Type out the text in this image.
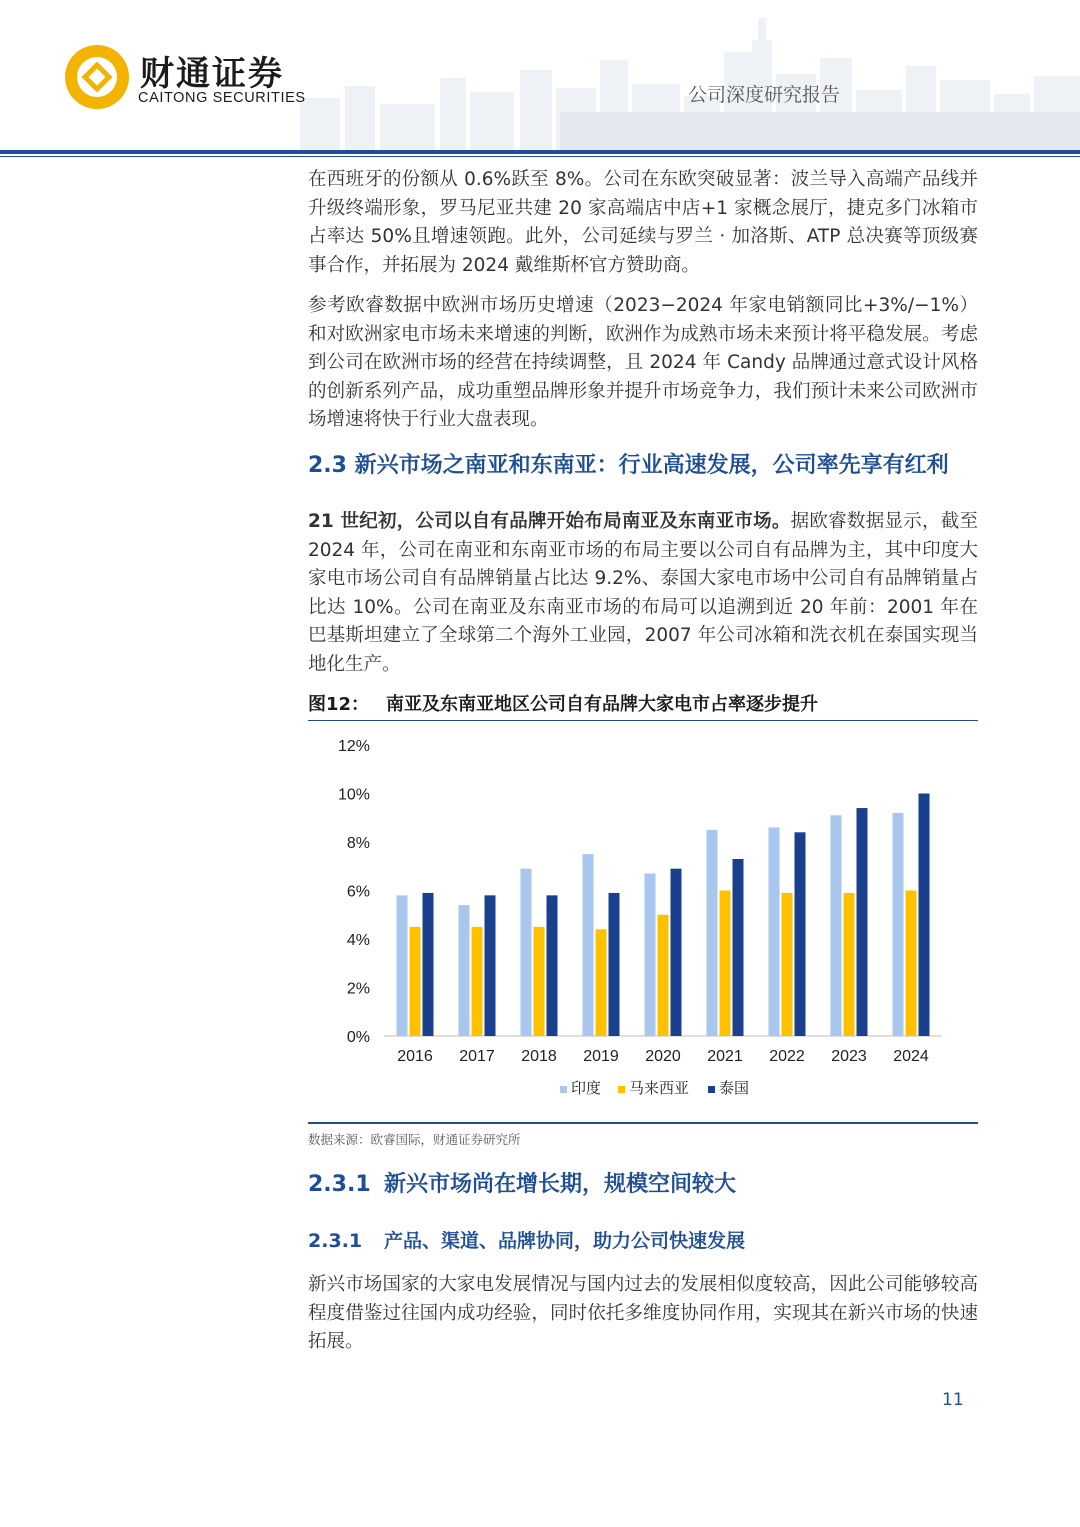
财通证券
CAITONG SECURITIES	公司深度研究报告

在西班牙的份额从 0.6%跃至 8%。公司在东欧突破显著：波兰导入高端产品线并升级终端形象，罗马尼亚共建 20 家高端店中店+1 家概念展厅，捷克多门冰箱市占率达 50%且增速领跑。此外，公司延续与罗兰 · 加洛斯、ATP 总决赛等顶级赛事合作，并拓展为 2024 戴维斯杯官方赞助商。

参考欧睿数据中欧洲市场历史增速（2023−2024 年家电销额同比+3%/−1%）和对欧洲家电市场未来增速的判断，欧洲作为成熟市场未来预计将平稳发展。考虑到公司在欧洲市场的经营在持续调整，且 2024 年 Candy 品牌通过意式设计风格的创新系列产品，成功重塑品牌形象并提升市场竞争力，我们预计未来公司欧洲市场增速将快于行业大盘表现。

2.3 新兴市场之南亚和东南亚：行业高速发展，公司率先享有红利

21 世纪初，公司以自有品牌开始布局南亚及东南亚市场。据欧睿数据显示，截至 2024 年，公司在南亚和东南亚市场的布局主要以公司自有品牌为主，其中印度大家电市场公司自有品牌销量占比达 9.2%、泰国大家电市场中公司自有品牌销量占比达 10%。公司在南亚及东南亚市场的布局可以追溯到近 20 年前：2001 年在巴基斯坦建立了全球第二个海外工业园，2007 年公司冰箱和洗衣机在泰国实现当地化生产。

图12： 南亚及东南亚地区公司自有品牌大家电市占率逐步提升
0%
2%
4%
6%
8%
10%
12%
2016 2017 2018 2019 2020 2021 2022 2023 2024
印度 马来西亚 泰国
数据来源：欧睿国际，财通证券研究所
2.3.1 新兴市场尚在增长期，规模空间较大
2.3.1 产品、渠道、品牌协同，助力公司快速发展

新兴市场国家的大家电发展情况与国内过去的发展相似度较高，因此公司能够较高程度借鉴过往国内成功经验，同时依托多维度协同作用，实现其在新兴市场的快速拓展。

11
